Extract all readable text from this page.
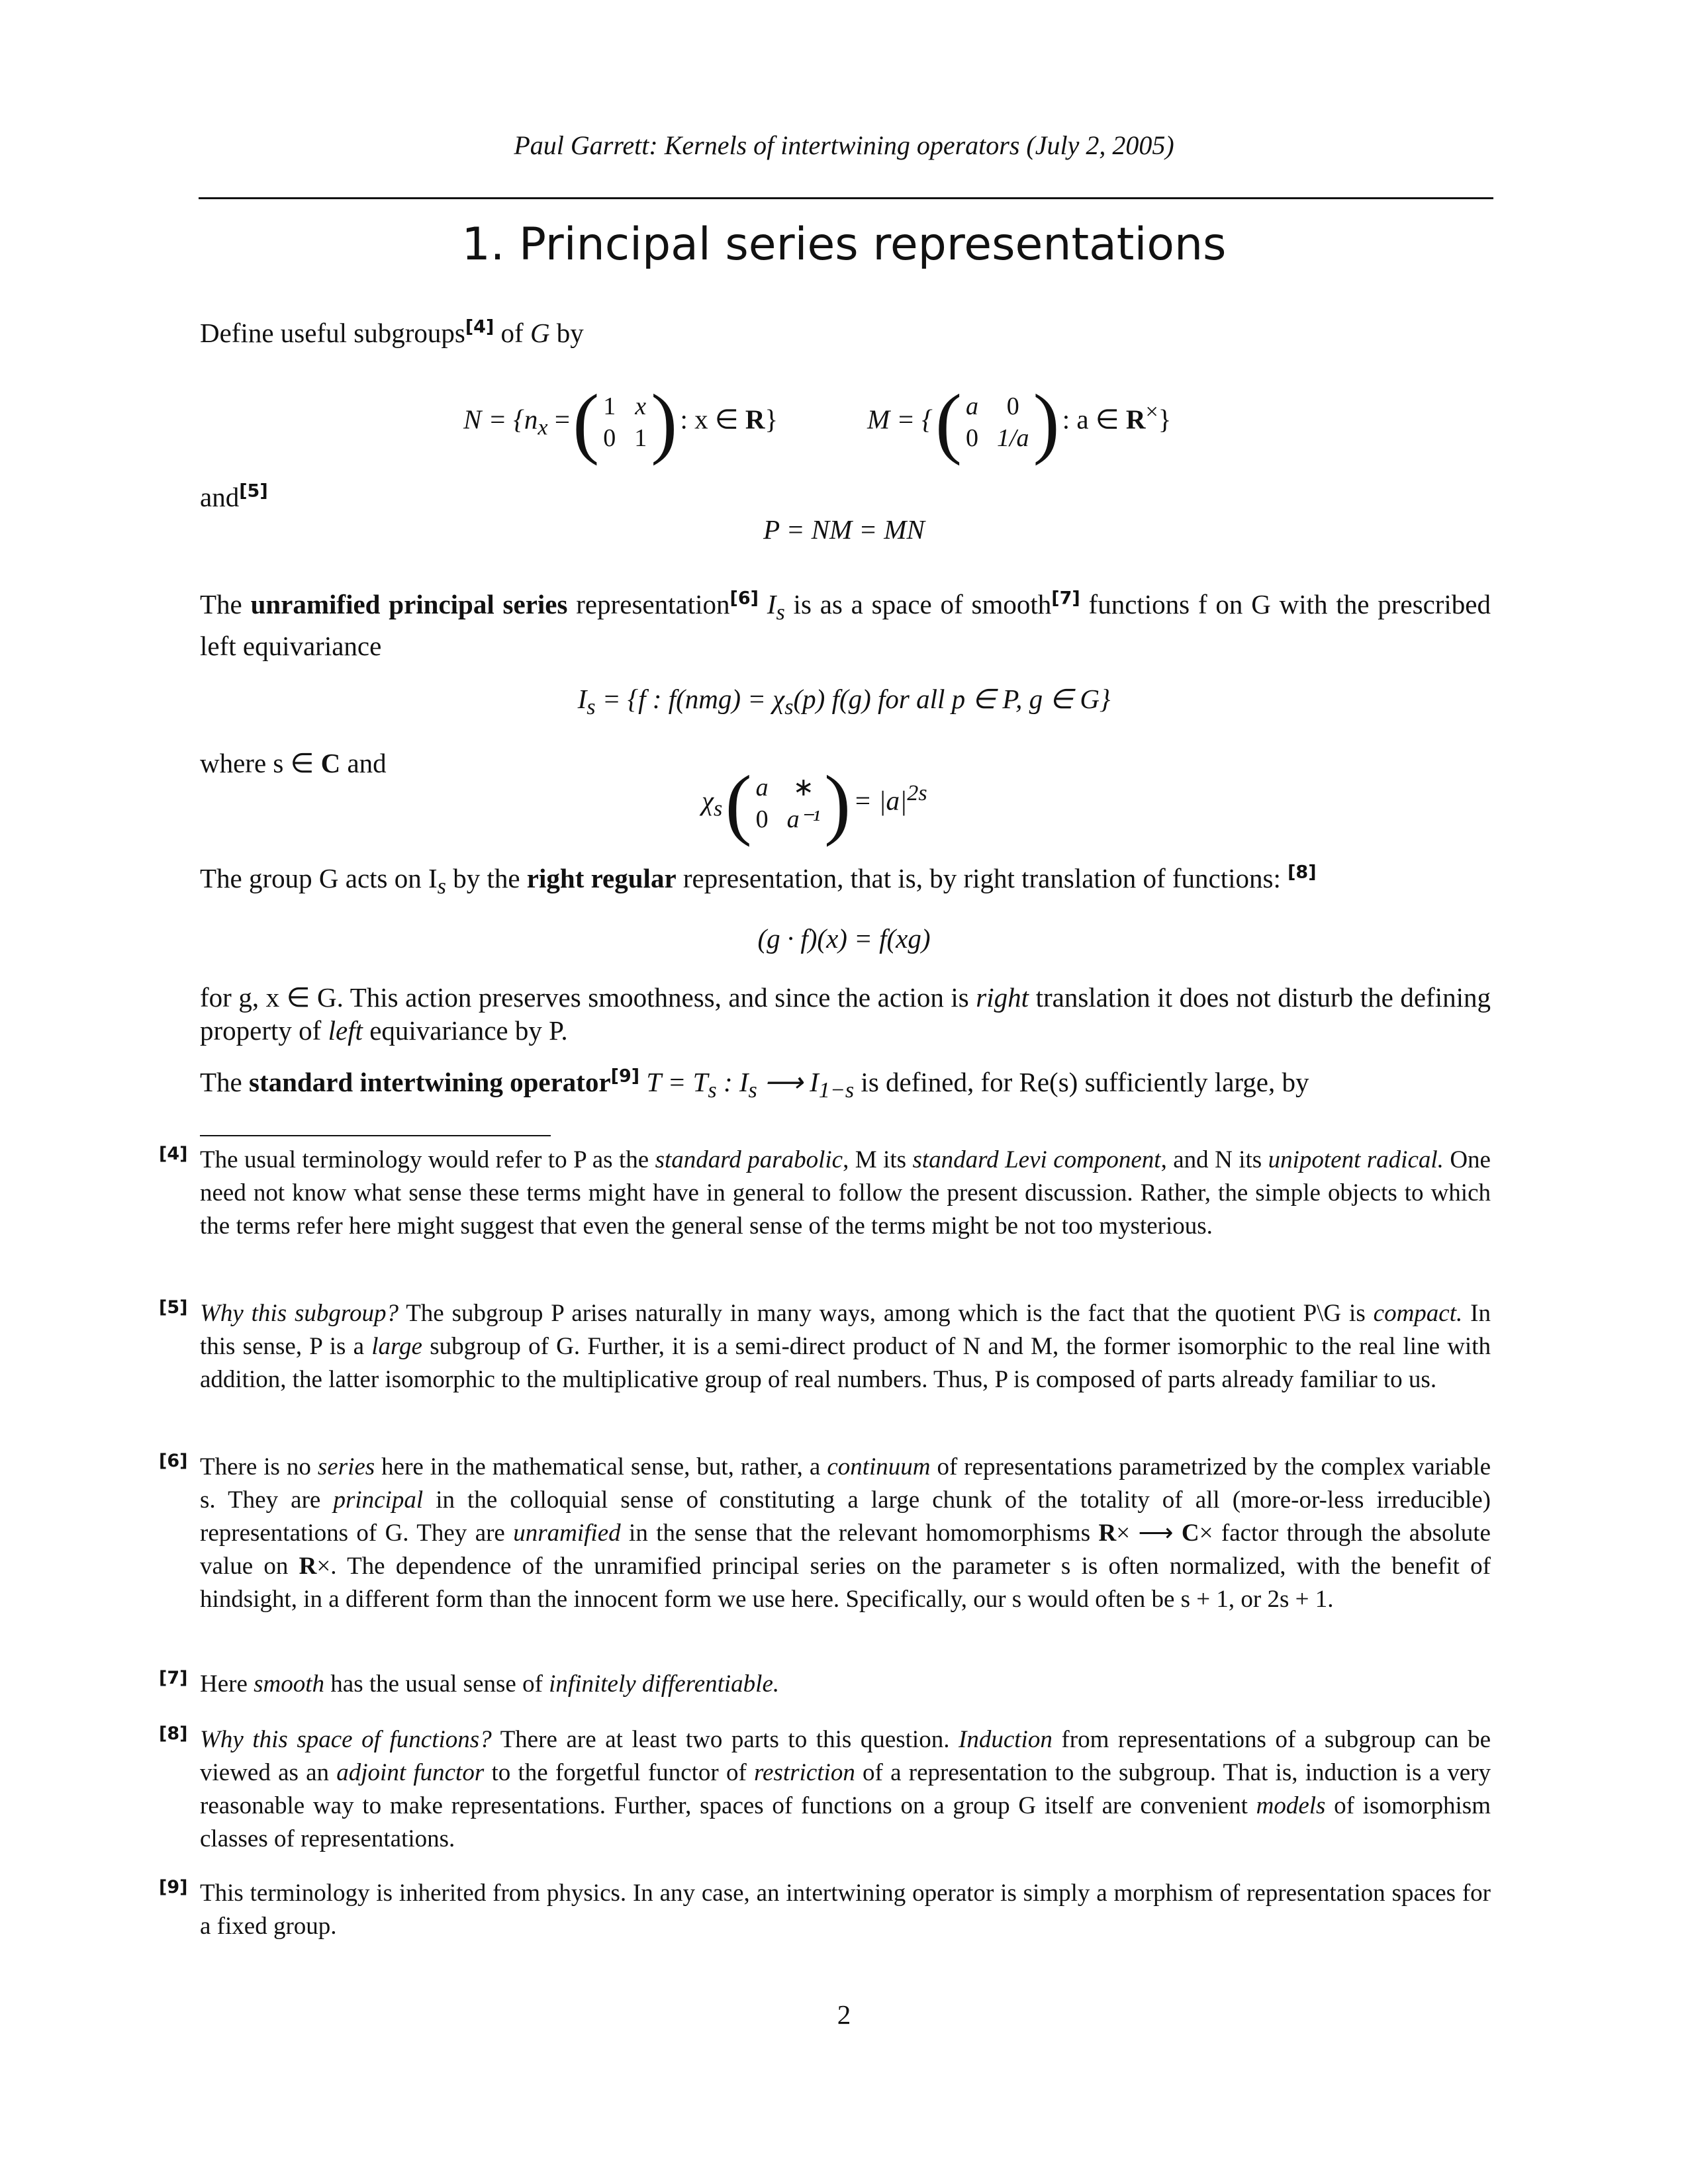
Paul Garrett: Kernels of intertwining operators (July 2, 2005)
1. Principal series representations
Define useful subgroups[4] of G by
$N = \{n_x$ = ( 1	x
0	1 ) : x ∈ R}	M = { ( a	0
0	1/a ) : a ∈ R×}
and[5]
P = NM = MN
The unramified principal series representation[6] $I_s$ is as a space of smooth[7] functions f on G with the prescribed left equivariance
$I_s = \{f$ : $f(nmg) = \chi_s(p)$ f(g) for all p ∈ P, g ∈ G}
where s ∈ C and
$\chi_s$ ( a	∗
0	a⁻¹ ) = $|a|^{2s}$
The group G acts on $I_s$ by the right regular representation, that is, by right translation of functions: [8]
(g · f)(x) = f(xg)
for g, x ∈ G. This action preserves smoothness, and since the action is right translation it does not disturb the defining property of left equivariance by P.
The standard intertwining operator[9] $T = T_s$ : $I_s$ ⟶ $I_{1-s}$ is defined, for Re(s) sufficiently large, by
[4] The usual terminology would refer to P as the standard parabolic, M its standard Levi component, and N its unipotent radical. One need not know what sense these terms might have in general to follow the present discussion. Rather, the simple objects to which the terms refer here might suggest that even the general sense of the terms might be not too mysterious.
[5] Why this subgroup? The subgroup P arises naturally in many ways, among which is the fact that the quotient P\G is compact. In this sense, P is a large subgroup of G. Further, it is a semi-direct product of N and M, the former isomorphic to the real line with addition, the latter isomorphic to the multiplicative group of real numbers. Thus, P is composed of parts already familiar to us.
[6] There is no series here in the mathematical sense, but, rather, a continuum of representations parametrized by the complex variable s. They are principal in the colloquial sense of constituting a large chunk of the totality of all (more-or-less irreducible) representations of G. They are unramified in the sense that the relevant homomorphisms R× ⟶ C× factor through the absolute value on R×. The dependence of the unramified principal series on the parameter s is often normalized, with the benefit of hindsight, in a different form than the innocent form we use here. Specifically, our s would often be s + 1, or 2s + 1.
[7] Here smooth has the usual sense of infinitely differentiable.
[8] Why this space of functions? There are at least two parts to this question. Induction from representations of a subgroup can be viewed as an adjoint functor to the forgetful functor of restriction of a representation to the subgroup. That is, induction is a very reasonable way to make representations. Further, spaces of functions on a group G itself are convenient models of isomorphism classes of representations.
[9] This terminology is inherited from physics. In any case, an intertwining operator is simply a morphism of representation spaces for a fixed group.
2
